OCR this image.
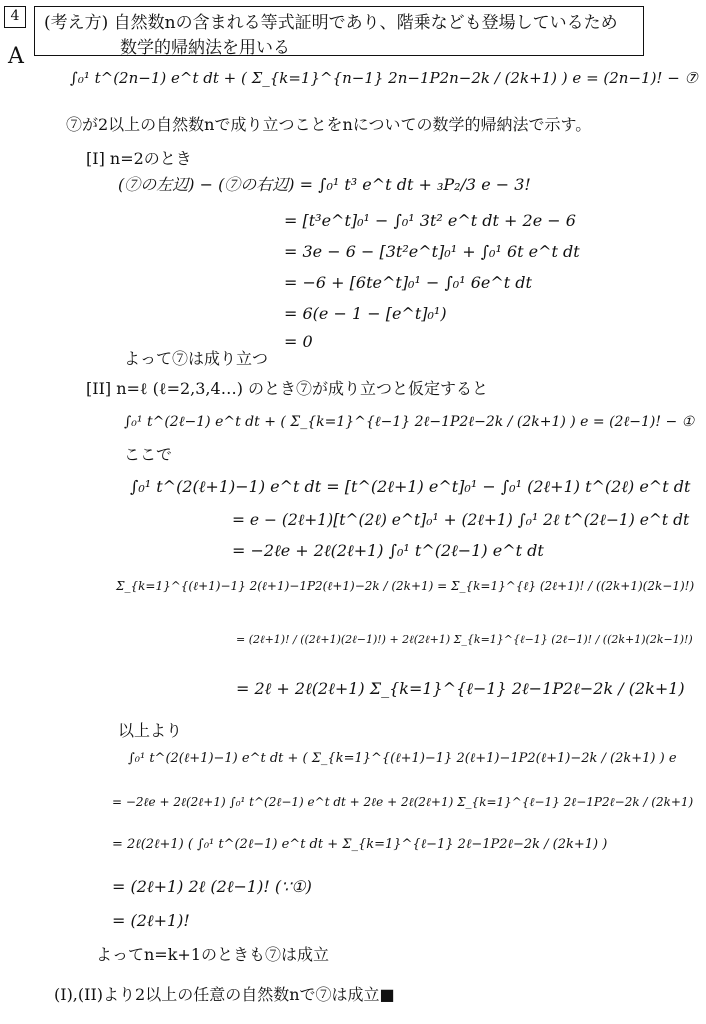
4
A
(考え方) 自然数nの含まれる等式証明であり、階乗なども登場しているため
数学的帰納法を用いる
∫₀¹ t^(2n−1) e^t dt + ( Σ_{k=1}^{n−1} 2n−1P2n−2k / (2k+1) ) e = (2n−1)! − ⑦
⑦が2以上の自然数nで成り立つことをnについての数学的帰納法で示す。
[I] n=2のとき
(⑦の左辺) − (⑦の右辺) = ∫₀¹ t³ e^t dt + ₃P₂/3 e − 3!
= [t³e^t]₀¹ − ∫₀¹ 3t² e^t dt + 2e − 6
= 3e − 6 − [3t²e^t]₀¹ + ∫₀¹ 6t e^t dt
= −6 + [6te^t]₀¹ − ∫₀¹ 6e^t dt
= 6(e − 1 − [e^t]₀¹)
= 0
よって⑦は成り立つ
[II] n=ℓ (ℓ=2,3,4…) のとき⑦が成り立つと仮定すると
∫₀¹ t^(2ℓ−1) e^t dt + ( Σ_{k=1}^{ℓ−1} 2ℓ−1P2ℓ−2k / (2k+1) ) e = (2ℓ−1)! − ①
ここで
∫₀¹ t^(2(ℓ+1)−1) e^t dt = [t^(2ℓ+1) e^t]₀¹ − ∫₀¹ (2ℓ+1) t^(2ℓ) e^t dt
= e − (2ℓ+1)[t^(2ℓ) e^t]₀¹ + (2ℓ+1) ∫₀¹ 2ℓ t^(2ℓ−1) e^t dt
= −2ℓe + 2ℓ(2ℓ+1) ∫₀¹ t^(2ℓ−1) e^t dt
Σ_{k=1}^{(ℓ+1)−1} 2(ℓ+1)−1P2(ℓ+1)−2k / (2k+1) = Σ_{k=1}^{ℓ} (2ℓ+1)! / ((2k+1)(2k−1)!)
= (2ℓ+1)! / ((2ℓ+1)(2ℓ−1)!) + 2ℓ(2ℓ+1) Σ_{k=1}^{ℓ−1} (2ℓ−1)! / ((2k+1)(2k−1)!)
= 2ℓ + 2ℓ(2ℓ+1) Σ_{k=1}^{ℓ−1} 2ℓ−1P2ℓ−2k / (2k+1)
以上より
∫₀¹ t^(2(ℓ+1)−1) e^t dt + ( Σ_{k=1}^{(ℓ+1)−1} 2(ℓ+1)−1P2(ℓ+1)−2k / (2k+1) ) e
= −2ℓe + 2ℓ(2ℓ+1) ∫₀¹ t^(2ℓ−1) e^t dt + 2ℓe + 2ℓ(2ℓ+1) Σ_{k=1}^{ℓ−1} 2ℓ−1P2ℓ−2k / (2k+1)
= 2ℓ(2ℓ+1) ( ∫₀¹ t^(2ℓ−1) e^t dt + Σ_{k=1}^{ℓ−1} 2ℓ−1P2ℓ−2k / (2k+1) )
= (2ℓ+1) 2ℓ (2ℓ−1)! (∵①)
= (2ℓ+1)!
よってn=k+1のときも⑦は成立
(I),(II)より2以上の任意の自然数nで⑦は成立■
